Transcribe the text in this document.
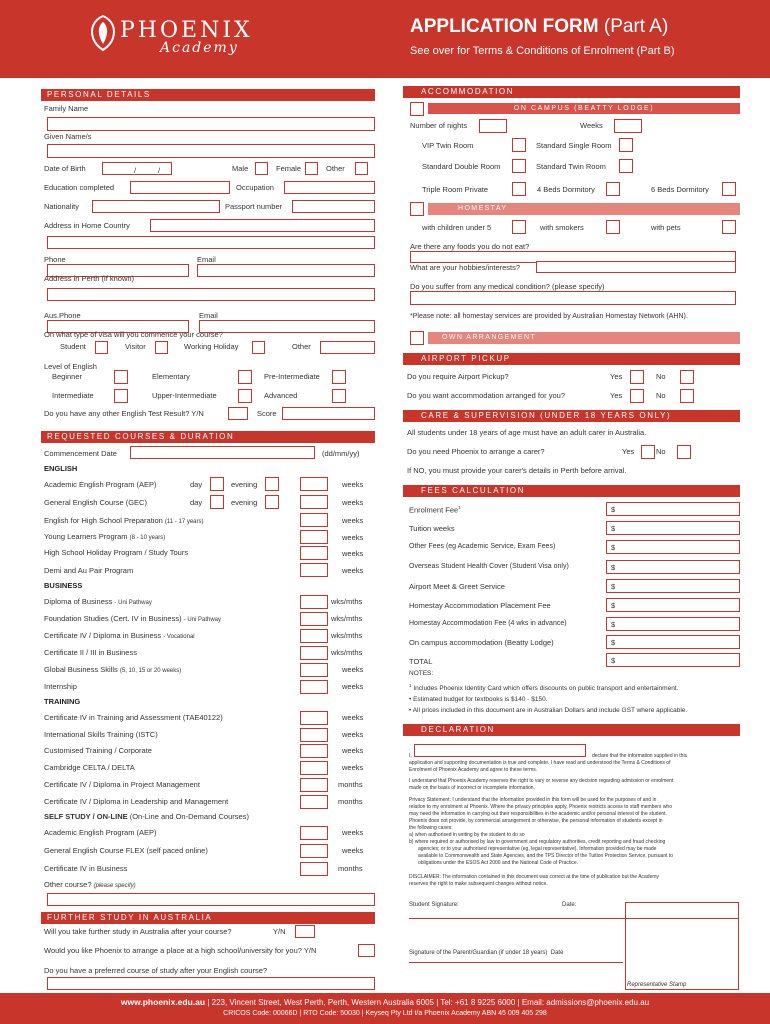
PHOENIX
Academy
APPLICATION FORM (Part A)
See over for Terms & Conditions of Enrolment (Part B)
PERSONAL DETAILS
Family Name
Given Name/s
Date of Birth	/	/	Male	Female	Other
Education completed	Occupation
Nationality	Passport number
Address in Home Country
Phone	Email
Address in Perth (if known)
Aus.Phone	Email
On what type of visa will you commence your course?
Student	Visitor	Working Holiday	Other
Level of English
Beginner	Elementary	Pre-Intermediate
Intermediate	Upper-Intermediate	Advanced
Do you have any other English Test Result? Y/N	Score
REQUESTED COURSES & DURATION
Commencement Date	(dd/mm/yy)
ENGLISH
Academic English Program (AEP)	day	evening	weeks
General English Course (GEC)	day	evening	weeks
English for High School Preparation (11 - 17 years)	weeks
Young Learners Program (8 - 10 years)	weeks
High School Holiday Program / Study Tours	weeks
Demi and Au Pair Program	weeks
BUSINESS
Diploma of Business - Uni Pathway	wks/mths
Foundation Studies (Cert. IV in Business) - Uni Pathway	wks/mths
Certificate IV / Diploma in Business - Vocational	wks/mths
Certificate II / III in Business	wks/mths
Global Business Skills (5, 10, 15 or 20 weeks)	weeks
Internship	weeks
TRAINING
Certificate IV in Training and Assessment (TAE40122)	weeks
International Skills Training (ISTC)	weeks
Customised Training / Corporate	weeks
Cambridge CELTA / DELTA	weeks
Certificate IV / Diploma in Project Management	months
Certificate IV / Diploma in Leadership and Management	months
SELF STUDY / ON-LINE (On-Line and On-Demand Courses)
Academic English Program (AEP)	weeks
General English Course FLEX (self paced online)	weeks
Certificate IV in Business	months
Other course? (please specify)
FURTHER STUDY IN AUSTRALIA
Will you take further study in Australia after your course?	Y/N
Would you like Phoenix to arrange a place at a high school/university for you? Y/N
Do you have a preferred course of study after your English course?
ACCOMMODATION
ON CAMPUS (BEATTY LODGE)
Number of nights	Weeks
VIP Twin Room	Standard Single Room
Standard Double Room	Standard Twin Room
Triple Room Private	4 Beds Dormitory	6 Beds Dormitory
HOMESTAY
with children under 5	with smokers	with pets
Are there any foods you do not eat?
What are your hobbies/interests?
Do you suffer from any medical condition? (please specify)
*Please note: all homestay services are provided by Australian Homestay Network (AHN).
OWN ARRANGEMENT
AIRPORT PICKUP
Do you require Airport Pickup?	Yes	No
Do you want accommodation arranged for you?	Yes	No
CARE & SUPERVISION (UNDER 18 YEARS ONLY)
All students under 18 years of age must have an adult carer in Australia.
Do you need Phoenix to arrange a carer?	Yes	No
If NO, you must provide your carer's details in Perth before arrival.
FEES CALCULATION
Enrolment Fee$^1$	$
Tuition weeks	$
Other Fees (eg Academic Service, Exam Fees)	$
Overseas Student Health Cover (Student Visa only)	$
Airport Meet & Greet Service	$
Homestay Accommodation Placement Fee	$
Homestay Accommodation Fee (4 wks in advance)	$
On campus accommodation (Beatty Lodge)	$
TOTAL	$
NOTES:
$^1$ Includes Phoenix Identity Card which offers discounts on public transport and entertainment.
• Estimated budget for textbooks is $140 - $150.
• All prices included in this document are in Australian Dollars and include GST where applicable.
DECLARATION
I,	declare that the information supplied in this
application and supporting documentation is true and complete. I have read and understood the Terms & Conditions of
Enrolment of Phoenix Academy and agree to these terms.
I understand that Phoenix Academy reserves the right to vary or reverse any decision regarding admission or enrolment
made on the basis of incorrect or incomplete information.
Privacy Statement: I understand that the information provided in this form will be used for the purposes of and in
relation to my enrolment at Phoenix. Where the privacy principles apply, Phoenix restricts access to staff members who
may need the information in carrying out their responsibilities in the academic and/or personal interest of the student.
Phoenix does not provide, by commercial arrangement or otherwise, the personal information of students except in
the following cases:
a) when authorised in writing by the student to do so
b) where required or authorised by law to government and regulatory authorities, credit reporting and fraud checking
agencies; or to your authorised representative (eg, legal representative). Information provided may be made
available to Commonwealth and State Agencies, and the TPS Director of the Tuition Protection Service, pursuant to
obligations under the ESOS Act 2000 and the National Code of Practice.
DISCLAIMER: The information contained in this document was correct at the time of publication but the Academy
reserves the right to make subsequent changes without notice.
Student Signature:	Date:
Signature of the Parent/Guardian (if under 18 years) Date
Representative Stamp
www.phoenix.edu.au | 223, Vincent Street, West Perth, Perth, Western Australia 6005 | Tel: +61 8 9225 6000 | Email: admissions@phoenix.edu.au
CRICOS Code: 00066D | RTO Code: 50030 | Keyseq Pty Ltd t/a Phoenix Academy ABN 45 009 405 298
